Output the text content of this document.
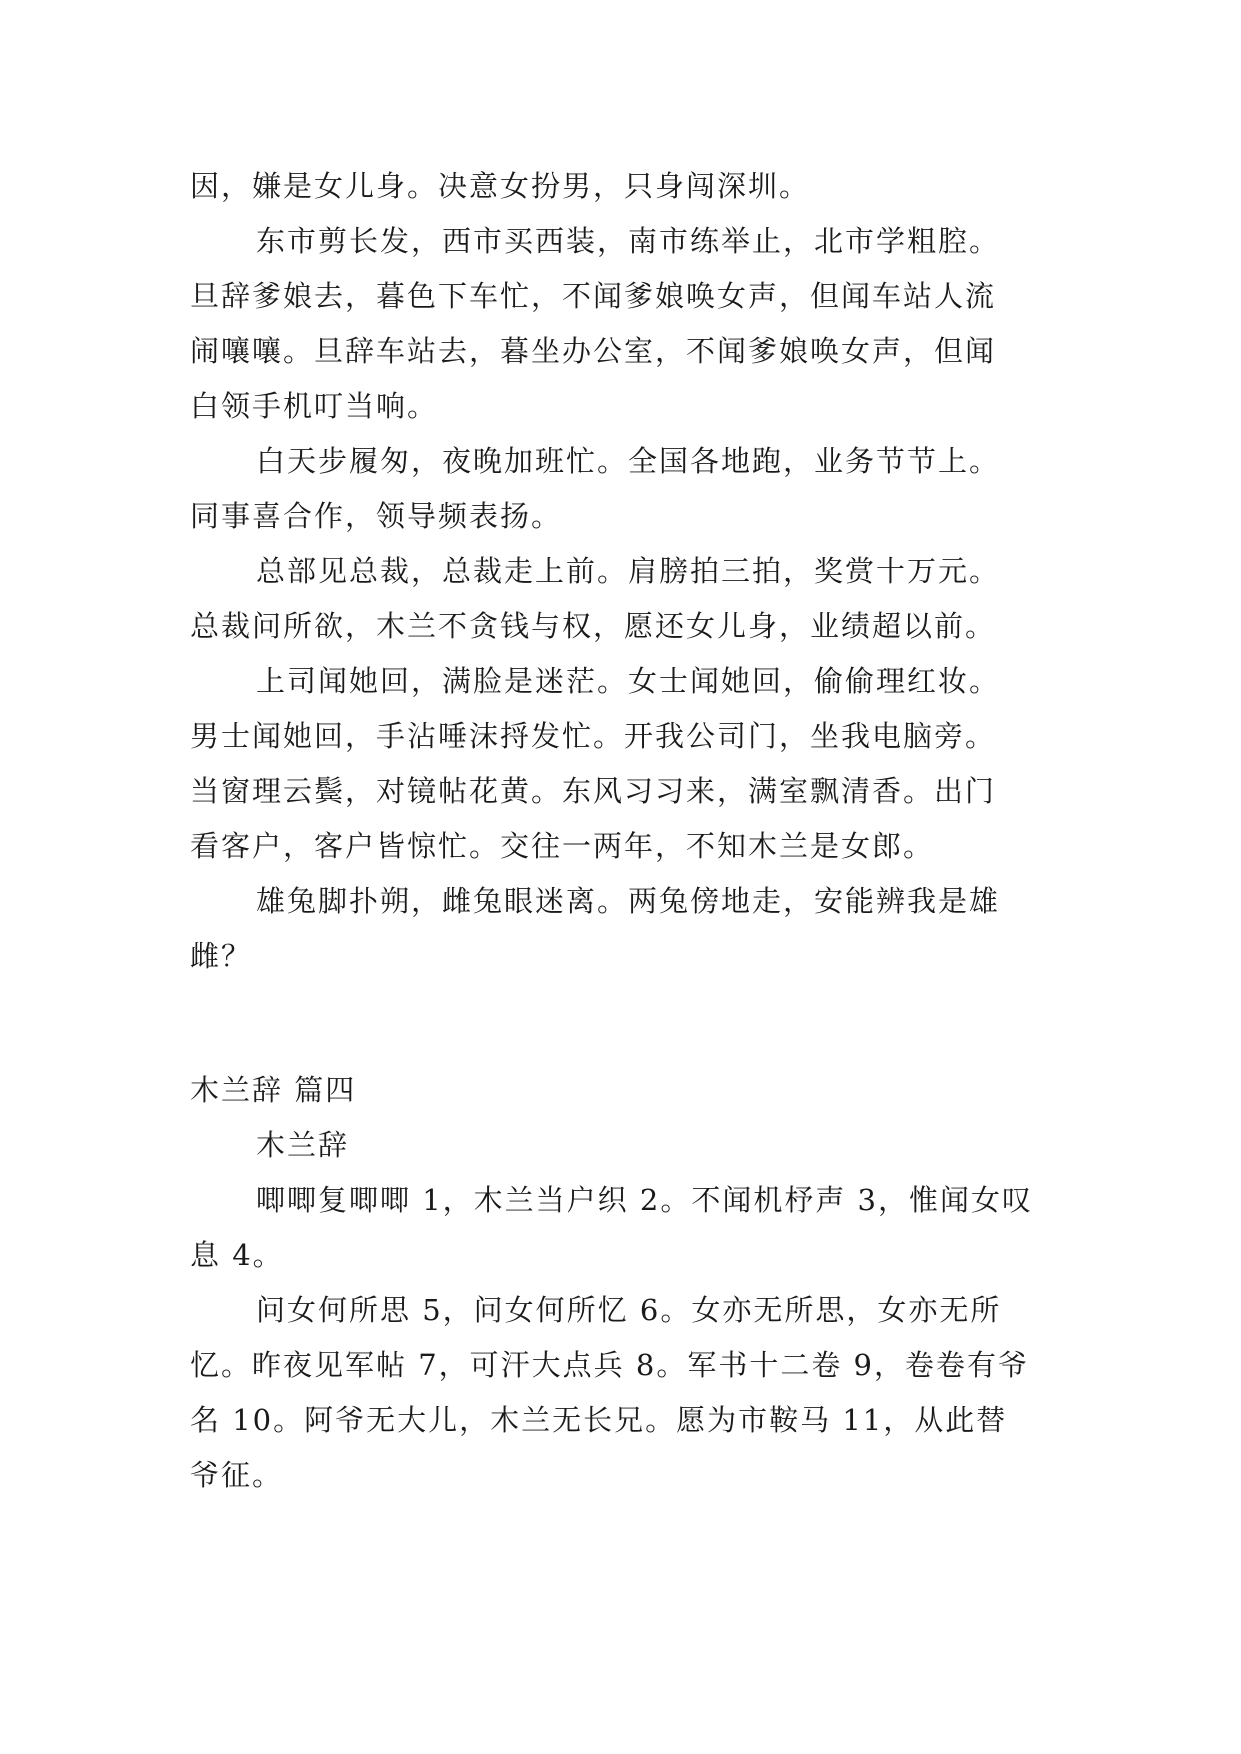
因，嫌是女儿身。决意女扮男，只身闯深圳。
东市剪长发，西市买西装，南市练举止，北市学粗腔。
旦辞爹娘去，暮色下车忙，不闻爹娘唤女声，但闻车站人流
闹嚷嚷。旦辞车站去，暮坐办公室，不闻爹娘唤女声，但闻
白领手机叮当响。
白天步履匆，夜晚加班忙。全国各地跑，业务节节上。
同事喜合作，领导频表扬。
总部见总裁，总裁走上前。肩膀拍三拍，奖赏十万元。
总裁问所欲，木兰不贪钱与权，愿还女儿身，业绩超以前。
上司闻她回，满脸是迷茫。女士闻她回，偷偷理红妆。
男士闻她回，手沾唾沫捋发忙。开我公司门，坐我电脑旁。
当窗理云鬓，对镜帖花黄。东风习习来，满室飘清香。出门
看客户，客户皆惊忙。交往一两年，不知木兰是女郎。
雄兔脚扑朔，雌兔眼迷离。两兔傍地走，安能辨我是雄
雌？
木兰辞 篇四
木兰辞
唧唧复唧唧 1，木兰当户织 2。不闻机杼声 3，惟闻女叹
息 4。
问女何所思 5，问女何所忆 6。女亦无所思，女亦无所
忆。昨夜见军帖 7，可汗大点兵 8。军书十二卷 9，卷卷有爷
名 10。阿爷无大儿，木兰无长兄。愿为市鞍马 11，从此替
爷征。
